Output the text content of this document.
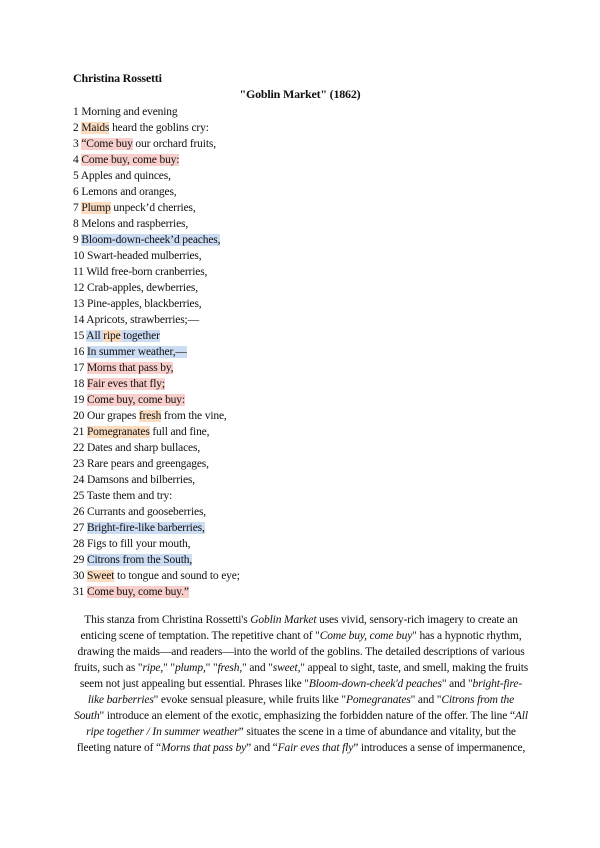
Christina Rossetti
"Goblin Market" (1862)
1 Morning and evening
2 Maids heard the goblins cry:
3 “Come buy our orchard fruits,
4 Come buy, come buy:
5 Apples and quinces,
6 Lemons and oranges,
7 Plump unpeck’d cherries,
8 Melons and raspberries,
9 Bloom-down-cheek’d peaches,
10 Swart-headed mulberries,
11 Wild free-born cranberries,
12 Crab-apples, dewberries,
13 Pine-apples, blackberries,
14 Apricots, strawberries;—
15 All ripe together
16 In summer weather,—
17 Morns that pass by,
18 Fair eves that fly;
19 Come buy, come buy:
20 Our grapes fresh from the vine,
21 Pomegranates full and fine,
22 Dates and sharp bullaces,
23 Rare pears and greengages,
24 Damsons and bilberries,
25 Taste them and try:
26 Currants and gooseberries,
27 Bright-fire-like barberries,
28 Figs to fill your mouth,
29 Citrons from the South,
30 Sweet to tongue and sound to eye;
31 Come buy, come buy.”
This stanza from Christina Rossetti's Goblin Market uses vivid, sensory-rich imagery to create an enticing scene of temptation. The repetitive chant of "Come buy, come buy" has a hypnotic rhythm, drawing the maids—and readers—into the world of the goblins. The detailed descriptions of various fruits, such as "ripe," "plump," "fresh," and "sweet," appeal to sight, taste, and smell, making the fruits seem not just appealing but essential. Phrases like "Bloom-down-cheek'd peaches" and "bright-fire-like barberries" evoke sensual pleasure, while fruits like "Pomegranates" and "Citrons from the South" introduce an element of the exotic, emphasizing the forbidden nature of the offer. The line “All ripe together / In summer weather” situates the scene in a time of abundance and vitality, but the fleeting nature of “Morns that pass by” and “Fair eves that fly” introduces a sense of impermanence,
